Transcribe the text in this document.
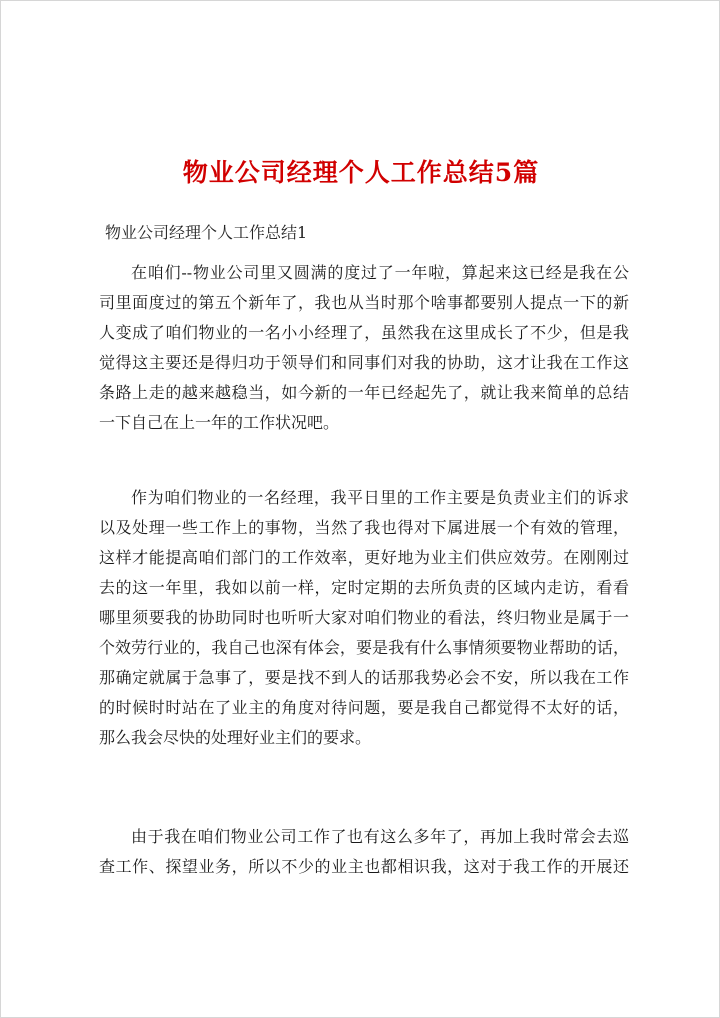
物业公司经理个人工作总结5篇
物业公司经理个人工作总结1
在咱们--物业公司里又圆满的度过了一年啦，算起来这已经是我在公
司里面度过的第五个新年了，我也从当时那个啥事都要别人提点一下的新
人变成了咱们物业的一名小小经理了，虽然我在这里成长了不少，但是我
觉得这主要还是得归功于领导们和同事们对我的协助，这才让我在工作这
条路上走的越来越稳当，如今新的一年已经起先了，就让我来简单的总结
一下自己在上一年的工作状况吧。
作为咱们物业的一名经理，我平日里的工作主要是负责业主们的诉求
以及处理一些工作上的事物，当然了我也得对下属进展一个有效的管理，
这样才能提高咱们部门的工作效率，更好地为业主们供应效劳。在刚刚过
去的这一年里，我如以前一样，定时定期的去所负责的区域内走访，看看
哪里须要我的协助同时也听听大家对咱们物业的看法，终归物业是属于一
个效劳行业的，我自己也深有体会，要是我有什么事情须要物业帮助的话，
那确定就属于急事了，要是找不到人的话那我势必会不安，所以我在工作
的时候时时站在了业主的角度对待问题，要是我自己都觉得不太好的话，
那么我会尽快的处理好业主们的要求。
由于我在咱们物业公司工作了也有这么多年了，再加上我时常会去巡
查工作、探望业务，所以不少的业主也都相识我，这对于我工作的开展还
